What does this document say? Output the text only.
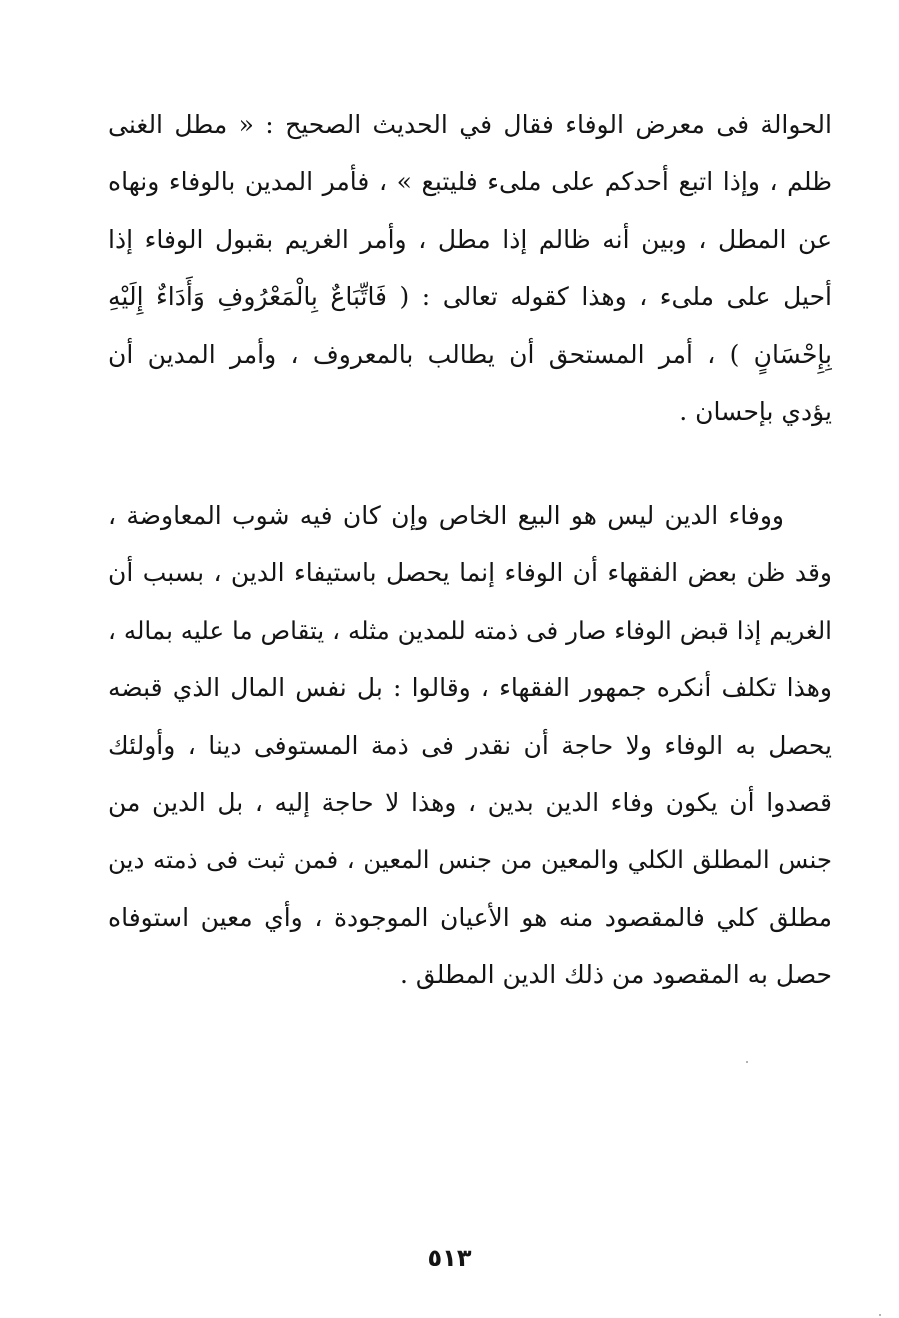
الحوالة فى معرض الوفاء فقال في الحديث الصحيح : « مطل الغنى
ظلم ، وإذا اتبع أحدكم على ملىء فليتبع » ، فأمر المدين بالوفاء ونهاه
عن المطل ، وبين أنه ظالم إذا مطل ، وأمر الغريم بقبول الوفاء إذا
أحيل على ملىء ، وهذا كقوله تعالى : ( فَاتِّبَاعٌ بِالْمَعْرُوفِ وَأَدَاءٌ إِلَيْهِ
بِإِحْسَانٍ ) ، أمر المستحق أن يطالب بالمعروف ، وأمر المدين أن
يؤدي بإحسان .
ووفاء الدين ليس هو البيع الخاص وإن كان فيه شوب المعاوضة ،
وقد ظن بعض الفقهاء أن الوفاء إنما يحصل باستيفاء الدين ، بسبب أن
الغريم إذا قبض الوفاء صار فى ذمته للمدين مثله ، يتقاص ما عليه بماله ،
وهذا تكلف أنكره جمهور الفقهاء ، وقالوا : بل نفس المال الذي قبضه
يحصل به الوفاء ولا حاجة أن نقدر فى ذمة المستوفى دينا ، وأولئك
قصدوا أن يكون وفاء الدين بدين ، وهذا لا حاجة إليه ، بل الدين من
جنس المطلق الكلي والمعين من جنس المعين ، فمن ثبت فى ذمته دين
مطلق كلي فالمقصود منه هو الأعيان الموجودة ، وأي معين استوفاه
حصل به المقصود من ذلك الدين المطلق .
٥١٣
